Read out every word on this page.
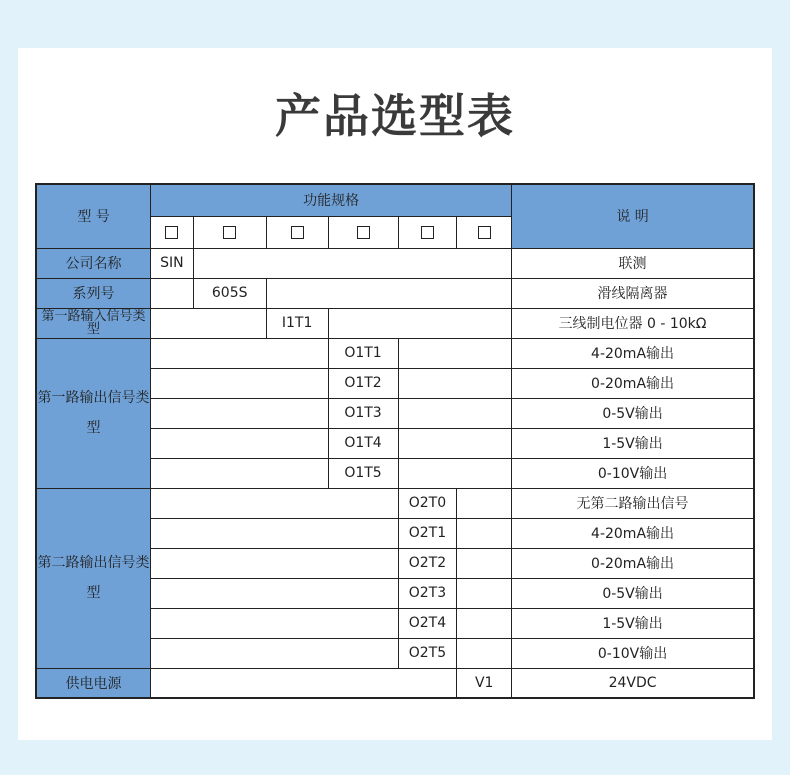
产品选型表
型 号	功能规格						说 明

公司名称	SIN						联测
系列号		605S					滑线隔离器
第一路输入信号类型			I1T1				三线制电位器 0 - 10kΩ
第一路输出信号类型				O1T1			4-20mA输出
				O1T2			0-20mA输出
				O1T3			0-5V输出
				O1T4			1-5V输出
				O1T5			0-10V输出
第二路输出信号类型					O2T0		无第二路输出信号
					O2T1		4-20mA输出
					O2T2		0-20mA输出
					O2T3		0-5V输出
					O2T4		1-5V输出
					O2T5		0-10V输出
供电电源						V1	24VDC
